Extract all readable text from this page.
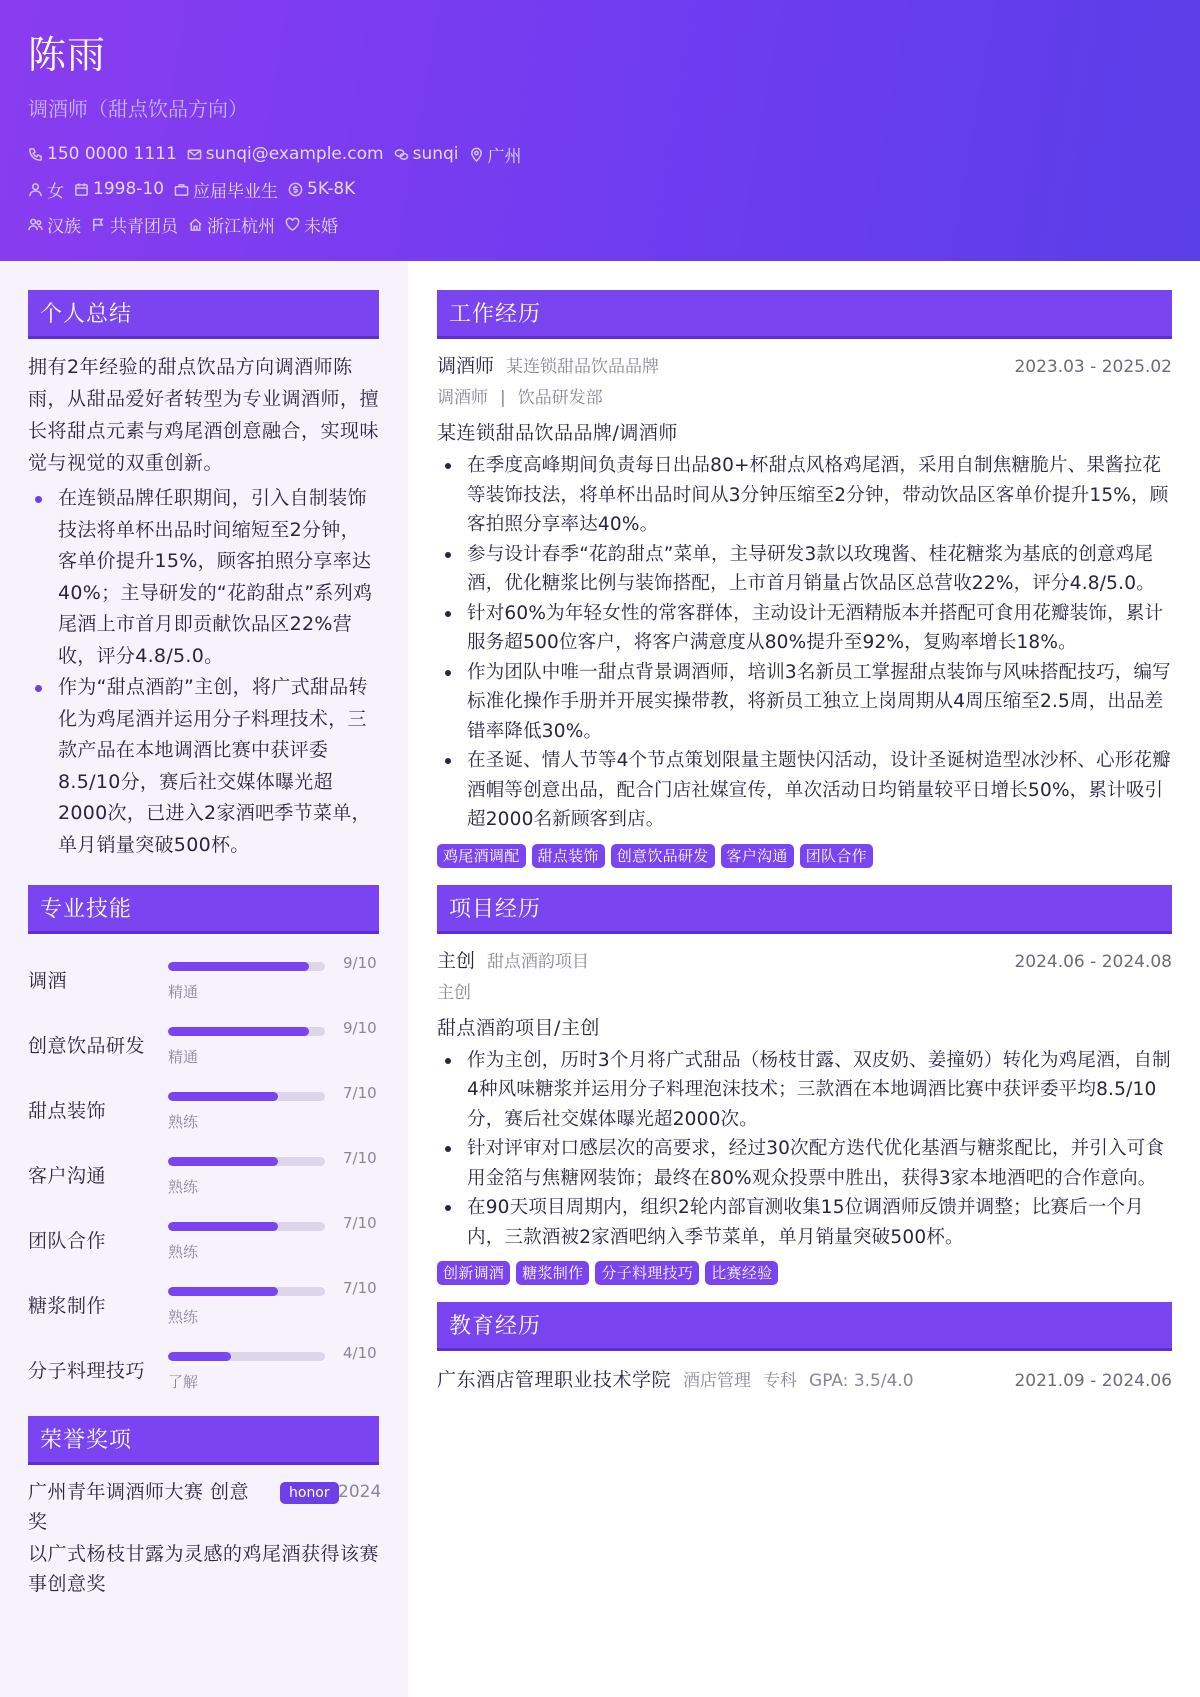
陈雨
调酒师（甜点饮品方向）
150 0000 1111 sunqi@example.com sunqi 广州
女 1998-10 应届毕业生 5K-8K
汉族 共青团员 浙江杭州 未婚
个人总结
拥有2年经验的甜点饮品方向调酒师陈雨，从甜品爱好者转型为专业调酒师，擅长将甜点元素与鸡尾酒创意融合，实现味觉与视觉的双重创新。
在连锁品牌任职期间，引入自制装饰技法将单杯出品时间缩短至2分钟，客单价提升15%，顾客拍照分享率达40%；主导研发的“花韵甜点”系列鸡尾酒上市首月即贡献饮品区22%营收，评分4.8/5.0。
作为“甜点酒韵”主创，将广式甜品转化为鸡尾酒并运用分子料理技术，三款产品在本地调酒比赛中获评委8.5/10分，赛后社交媒体曝光超2000次，已进入2家酒吧季节菜单，单月销量突破500杯。
专业技能
调酒
9/10
精通
创意饮品研发
9/10
精通
甜点装饰
7/10
熟练
客户沟通
7/10
熟练
团队合作
7/10
熟练
糖浆制作
7/10
熟练
分子料理技巧
4/10
了解
荣誉奖项
广州青年调酒师大赛 创意奖
honor 2024
以广式杨枝甘露为灵感的鸡尾酒获得该赛事创意奖
工作经历
调酒师 某连锁甜品饮品品牌	2023.03 - 2025.02
调酒师 | 饮品研发部
某连锁甜品饮品品牌/调酒师
在季度高峰期间负责每日出品80+杯甜点风格鸡尾酒，采用自制焦糖脆片、果酱拉花等装饰技法，将单杯出品时间从3分钟压缩至2分钟，带动饮品区客单价提升15%，顾客拍照分享率达40%。
参与设计春季“花韵甜点”菜单，主导研发3款以玫瑰酱、桂花糖浆为基底的创意鸡尾酒，优化糖浆比例与装饰搭配，上市首月销量占饮品区总营收22%，评分4.8/5.0。
针对60%为年轻女性的常客群体，主动设计无酒精版本并搭配可食用花瓣装饰，累计服务超500位客户，将客户满意度从80%提升至92%，复购率增长18%。
作为团队中唯一甜点背景调酒师，培训3名新员工掌握甜点装饰与风味搭配技巧，编写标准化操作手册并开展实操带教，将新员工独立上岗周期从4周压缩至2.5周，出品差错率降低30%。
在圣诞、情人节等4个节点策划限量主题快闪活动，设计圣诞树造型冰沙杯、心形花瓣酒帽等创意出品，配合门店社媒宣传，单次活动日均销量较平日增长50%，累计吸引超2000名新顾客到店。
鸡尾酒调配	甜点装饰	创意饮品研发	客户沟通	团队合作
项目经历
主创 甜点酒韵项目	2024.06 - 2024.08
主创
甜点酒韵项目/主创
作为主创，历时3个月将广式甜品（杨枝甘露、双皮奶、姜撞奶）转化为鸡尾酒，自制4种风味糖浆并运用分子料理泡沫技术；三款酒在本地调酒比赛中获评委平均8.5/10分，赛后社交媒体曝光超2000次。
针对评审对口感层次的高要求，经过30次配方迭代优化基酒与糖浆配比，并引入可食用金箔与焦糖网装饰；最终在80%观众投票中胜出，获得3家本地酒吧的合作意向。
在90天项目周期内，组织2轮内部盲测收集15位调酒师反馈并调整；比赛后一个月内，三款酒被2家酒吧纳入季节菜单，单月销量突破500杯。
创新调酒	糖浆制作	分子料理技巧	比赛经验
教育经历
广东酒店管理职业技术学院 酒店管理 专科 GPA: 3.5/4.0	2021.09 - 2024.06
